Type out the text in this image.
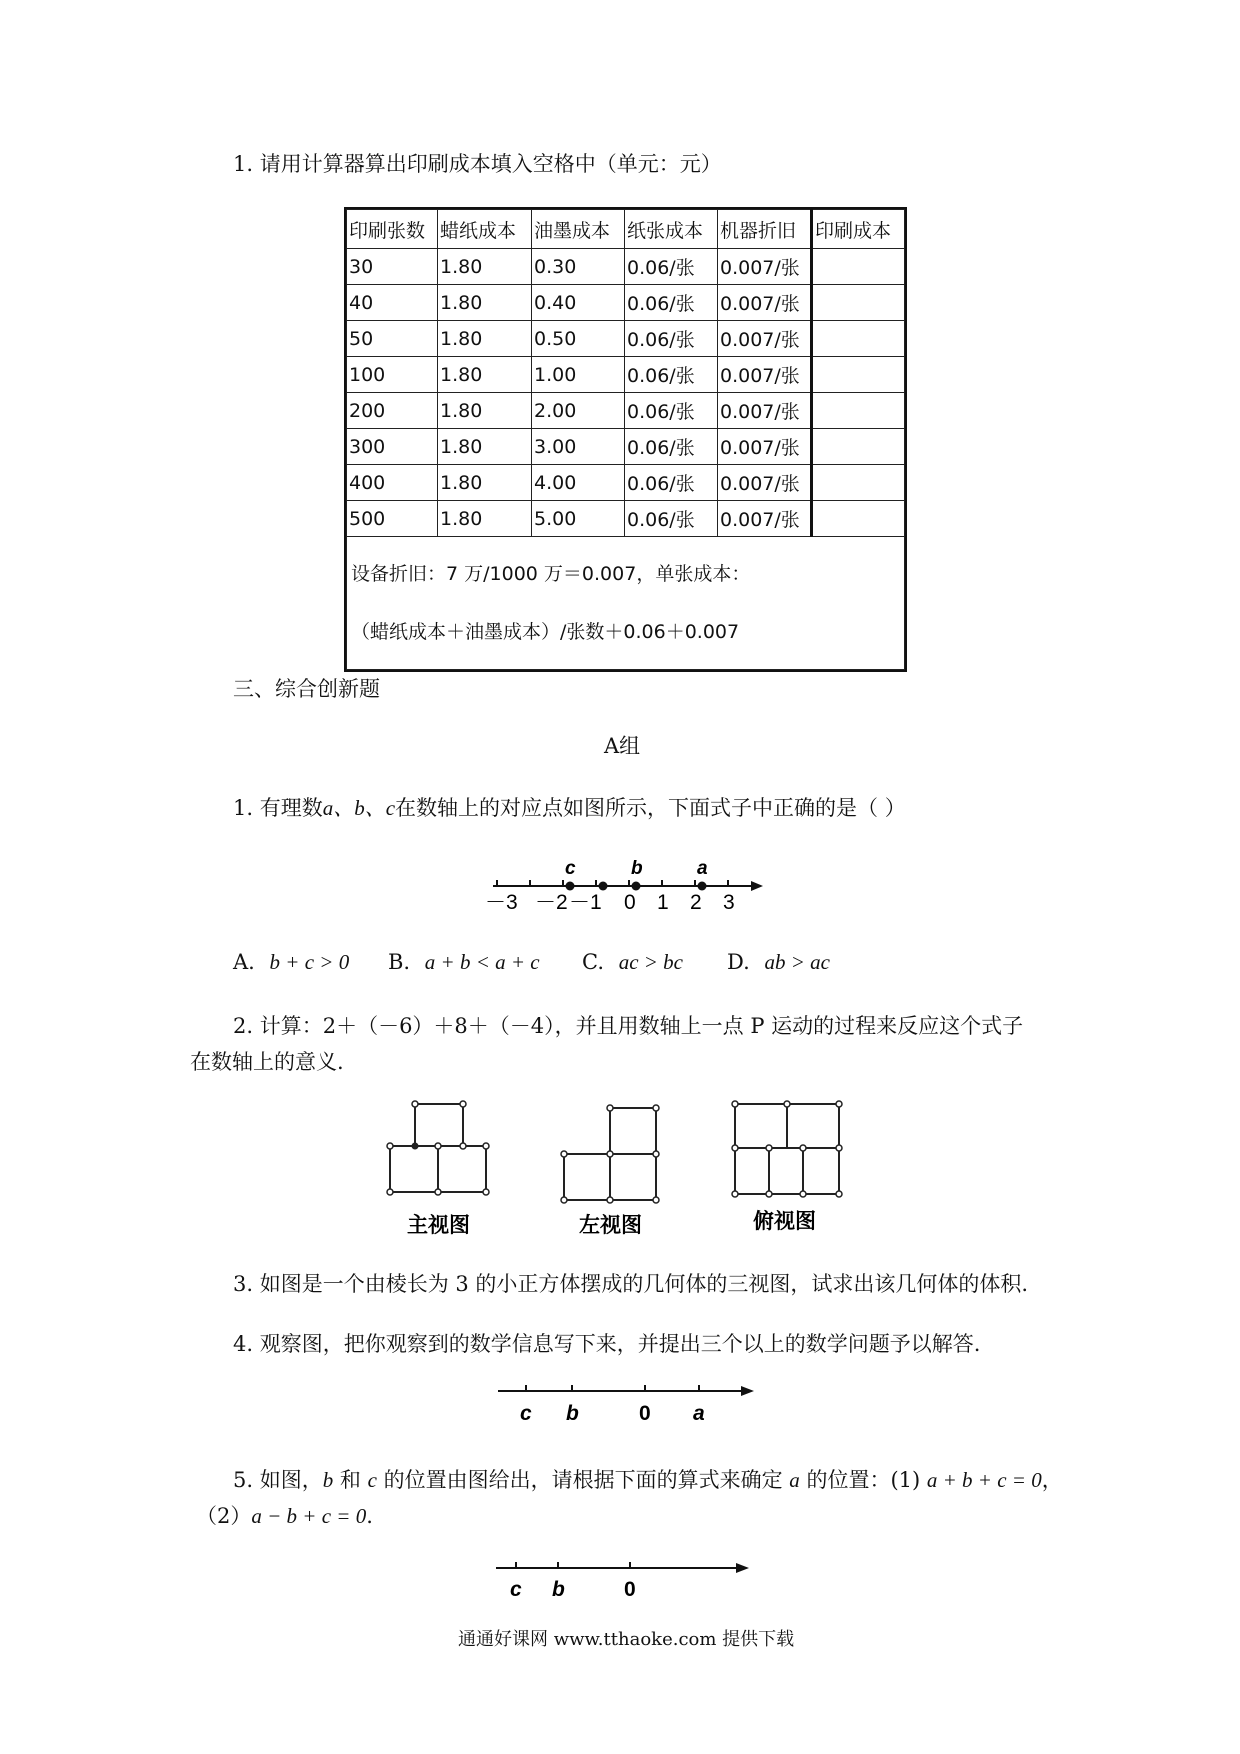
1. 请用计算器算出印刷成本填入空格中（单元：元）
印刷张数	蜡纸成本	油墨成本	纸张成本	机器折旧	印刷成本
30	1.80	0.30	0.06/张	0.007/张	
40	1.80	0.40	0.06/张	0.007/张	
50	1.80	0.50	0.06/张	0.007/张	
100	1.80	1.00	0.06/张	0.007/张	
200	1.80	2.00	0.06/张	0.007/张	
300	1.80	3.00	0.06/张	0.007/张	
400	1.80	4.00	0.06/张	0.007/张	
500	1.80	5.00	0.06/张	0.007/张	

设备折旧：7 万/1000 万＝0.007，单张成本：
（蜡纸成本＋油墨成本）/张数＋0.06＋0.007					
三、综合创新题
A组
1. 有理数a、b、c在数轴上的对应点如图所示，下面式子中正确的是（ ）
c	b	a
－3 －2 －1 0 1 2 3
A. b + c > 0 B. a + b < a + c C. ac > bc D. ab > ac
2. 计算：2＋（－6）＋8＋（－4），并且用数轴上一点 P 运动的过程来反应这个式子
在数轴上的意义.
主视图	左视图	俯视图
3. 如图是一个由棱长为 3 的小正方体摆成的几何体的三视图，试求出该几何体的体积.
4. 观察图，把你观察到的数学信息写下来，并提出三个以上的数学问题予以解答.
c b	0 a
5. 如图，b 和 c 的位置由图给出，请根据下面的算式来确定 a 的位置：(1) a + b + c = 0，
（2）a − b + c = 0.
c b	0
通通好课网 www.tthaoke.com 提供下载
